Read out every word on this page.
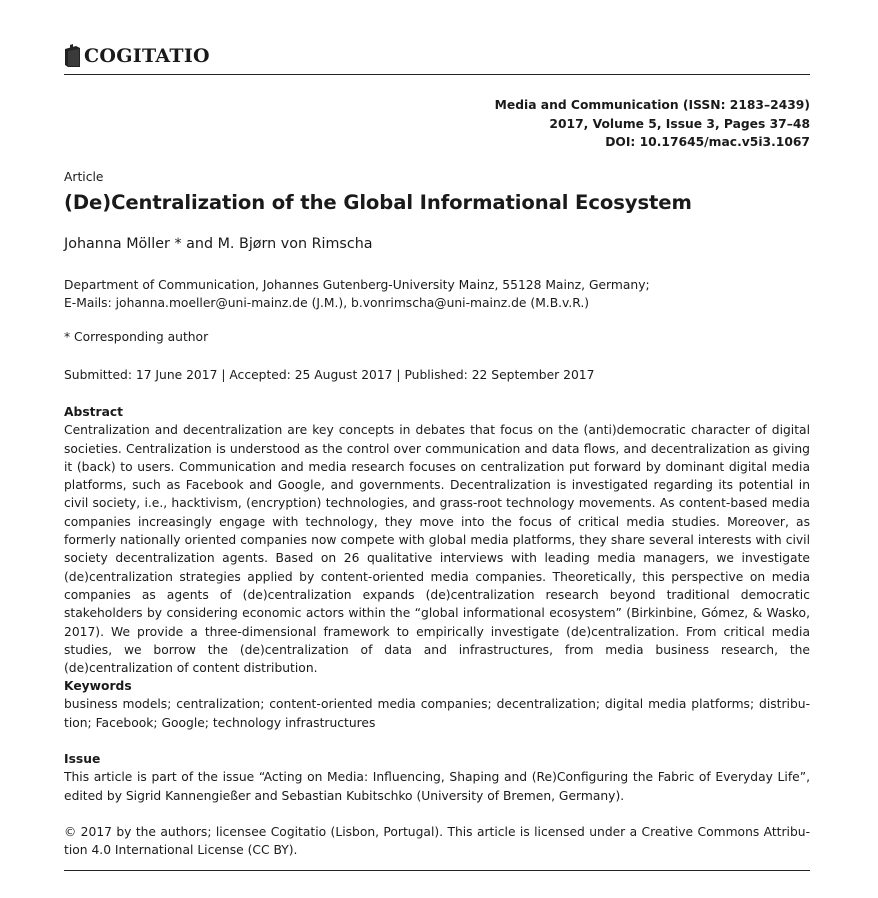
COGITATIO
Media and Communication (ISSN: 2183–2439)
2017, Volume 5, Issue 3, Pages 37–48
DOI: 10.17645/mac.v5i3.1067
Article
(De)Centralization of the Global Informational Ecosystem
Johanna Möller * and M. Bjørn von Rimscha
Department of Communication, Johannes Gutenberg-University Mainz, 55128 Mainz, Germany;
E-Mails: johanna.moeller@uni-mainz.de (J.M.), b.vonrimscha@uni-mainz.de (M.B.v.R.)
* Corresponding author
Submitted: 17 June 2017 | Accepted: 25 August 2017 | Published: 22 September 2017
Abstract
Centralization and decentralization are key concepts in debates that focus on the (anti)democratic character of digital societies. Centralization is understood as the control over communication and data flows, and decentralization as giving it (back) to users. Communication and media research focuses on centralization put forward by dominant digital media platforms, such as Facebook and Google, and governments. Decentralization is investigated regarding its potential in civil society, i.e., hacktivism, (encryption) technologies, and grass-root technology movements. As content-based media companies increasingly engage with technology, they move into the focus of critical media studies. Moreover, as formerly nationally oriented companies now compete with global media platforms, they share several interests with civil society decentralization agents. Based on 26 qualitative interviews with leading media managers, we investigate (de)centralization strategies applied by content-oriented media companies. Theoretically, this perspective on media companies as agents of (de)centralization expands (de)centralization research beyond traditional democratic stakeholders by considering economic actors within the “global informational ecosystem” (Birkinbine, Gómez, & Wasko, 2017). We provide a three-dimensional framework to empirically investigate (de)centralization. From critical media studies, we borrow the (de)centralization of data and infrastructures, from media business research, the (de)centralization of content distribution.
Keywords
business models; centralization; content-oriented media companies; decentralization; digital media platforms; distribution; Facebook; Google; technology infrastructures
Issue
This article is part of the issue “Acting on Media: Influencing, Shaping and (Re)Configuring the Fabric of Everyday Life”, edited by Sigrid Kannengießer and Sebastian Kubitschko (University of Bremen, Germany).
© 2017 by the authors; licensee Cogitatio (Lisbon, Portugal). This article is licensed under a Creative Commons Attribution 4.0 International License (CC BY).
